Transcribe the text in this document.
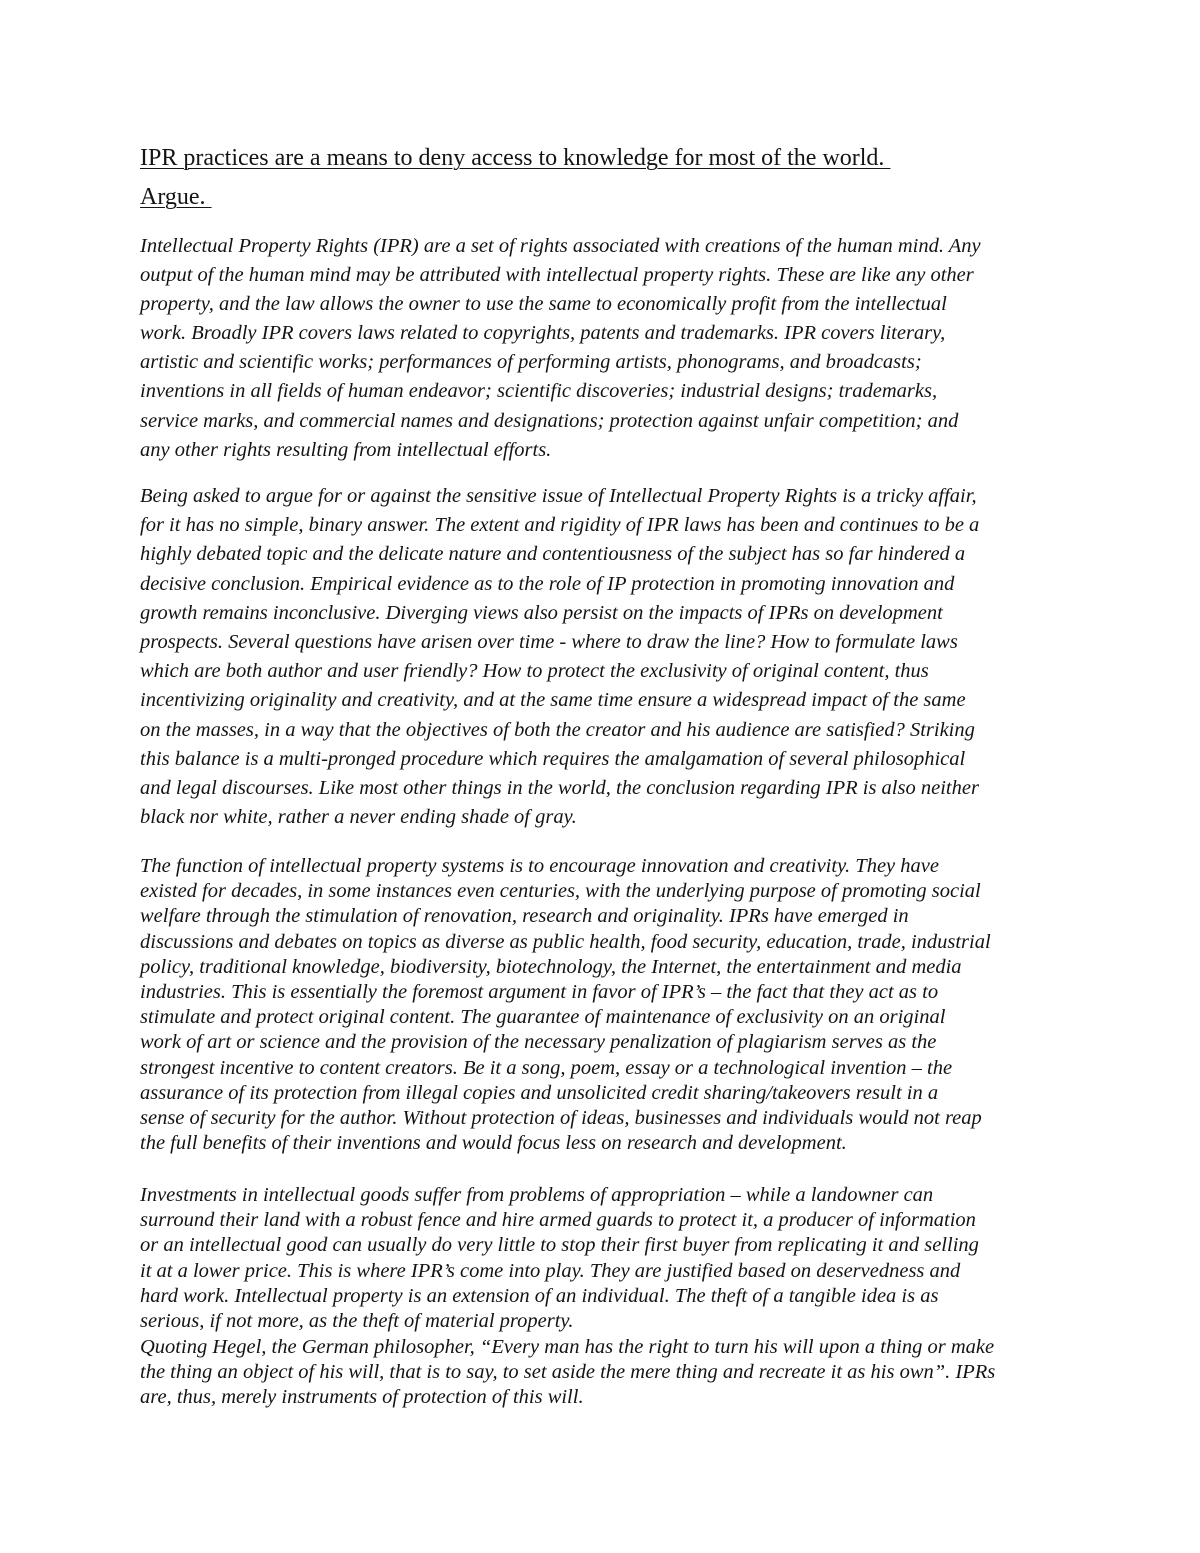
IPR practices are a means to deny access to knowledge for most of the world.
Argue.
Intellectual Property Rights (IPR) are a set of rights associated with creations of the human mind. Any
output of the human mind may be attributed with intellectual property rights. These are like any other
property, and the law allows the owner to use the same to economically profit from the intellectual
work. Broadly IPR covers laws related to copyrights, patents and trademarks. IPR covers literary,
artistic and scientific works; performances of performing artists, phonograms, and broadcasts;
inventions in all fields of human endeavor; scientific discoveries; industrial designs; trademarks,
service marks, and commercial names and designations; protection against unfair competition; and
any other rights resulting from intellectual efforts.
Being asked to argue for or against the sensitive issue of Intellectual Property Rights is a tricky affair,
for it has no simple, binary answer. The extent and rigidity of IPR laws has been and continues to be a
highly debated topic and the delicate nature and contentiousness of the subject has so far hindered a
decisive conclusion. Empirical evidence as to the role of IP protection in promoting innovation and
growth remains inconclusive. Diverging views also persist on the impacts of IPRs on development
prospects. Several questions have arisen over time - where to draw the line? How to formulate laws
which are both author and user friendly? How to protect the exclusivity of original content, thus
incentivizing originality and creativity, and at the same time ensure a widespread impact of the same
on the masses, in a way that the objectives of both the creator and his audience are satisfied? Striking
this balance is a multi-pronged procedure which requires the amalgamation of several philosophical
and legal discourses. Like most other things in the world, the conclusion regarding IPR is also neither
black nor white, rather a never ending shade of gray.
The function of intellectual property systems is to encourage innovation and creativity. They have
existed for decades, in some instances even centuries, with the underlying purpose of promoting social
welfare through the stimulation of renovation, research and originality. IPRs have emerged in
discussions and debates on topics as diverse as public health, food security, education, trade, industrial
policy, traditional knowledge, biodiversity, biotechnology, the Internet, the entertainment and media
industries. This is essentially the foremost argument in favor of IPR’s – the fact that they act as to
stimulate and protect original content. The guarantee of maintenance of exclusivity on an original
work of art or science and the provision of the necessary penalization of plagiarism serves as the
strongest incentive to content creators. Be it a song, poem, essay or a technological invention – the
assurance of its protection from illegal copies and unsolicited credit sharing/takeovers result in a
sense of security for the author. Without protection of ideas, businesses and individuals would not reap
the full benefits of their inventions and would focus less on research and development.
Investments in intellectual goods suffer from problems of appropriation – while a landowner can
surround their land with a robust fence and hire armed guards to protect it, a producer of information
or an intellectual good can usually do very little to stop their first buyer from replicating it and selling
it at a lower price. This is where IPR’s come into play. They are justified based on deservedness and
hard work. Intellectual property is an extension of an individual. The theft of a tangible idea is as
serious, if not more, as the theft of material property.
Quoting Hegel, the German philosopher, “Every man has the right to turn his will upon a thing or make
the thing an object of his will, that is to say, to set aside the mere thing and recreate it as his own”. IPRs
are, thus, merely instruments of protection of this will.
